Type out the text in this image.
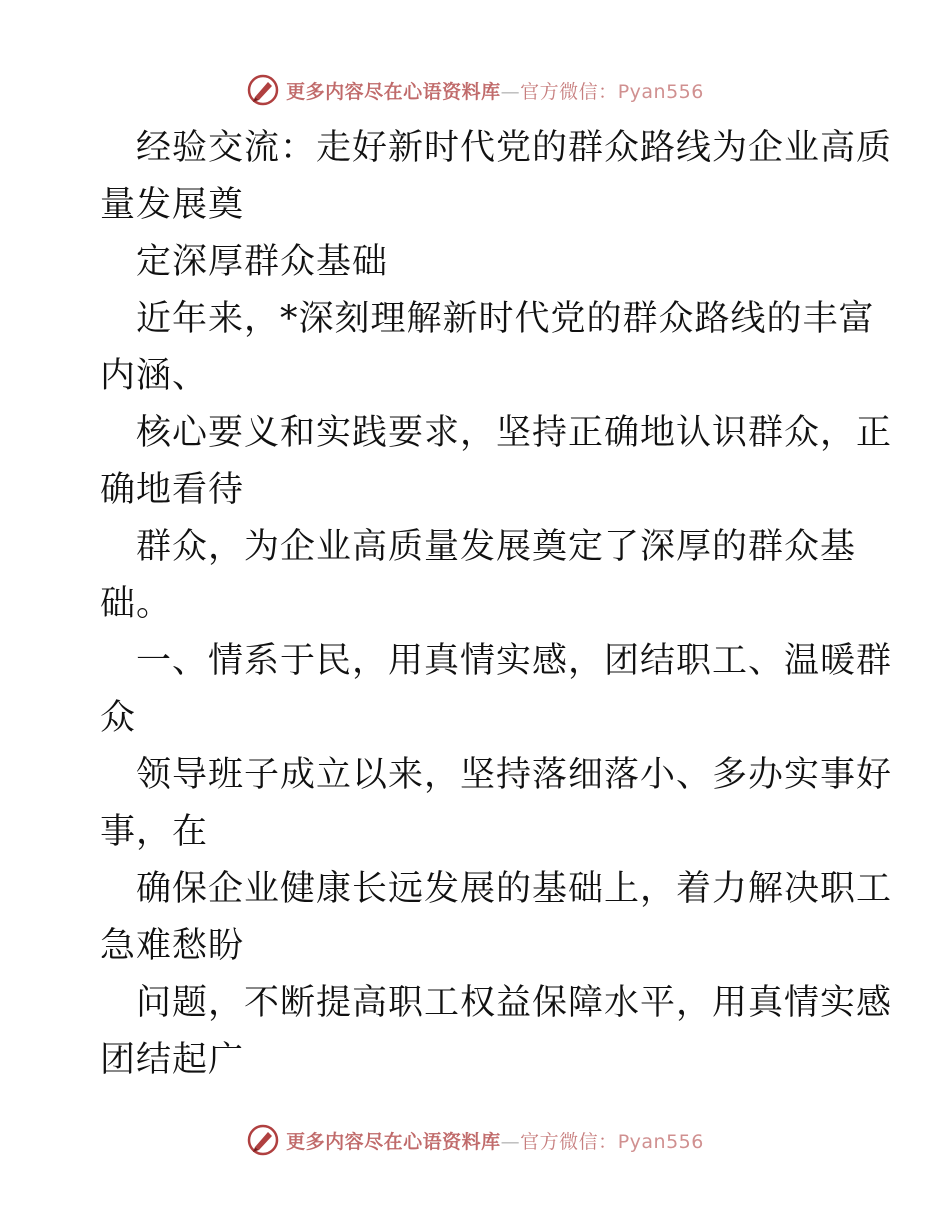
更多内容尽在心语资料库—官方微信：Pyan556
经验交流：走好新时代党的群众路线为企业高质
量发展奠
定深厚群众基础
近年来，*深刻理解新时代党的群众路线的丰富
内涵、
核心要义和实践要求，坚持正确地认识群众，正
确地看待
群众，为企业高质量发展奠定了深厚的群众基
础。
一、情系于民，用真情实感，团结职工、温暖群
众
领导班子成立以来，坚持落细落小、多办实事好
事，在
确保企业健康长远发展的基础上，着力解决职工
急难愁盼
问题，不断提高职工权益保障水平，用真情实感
团结起广
更多内容尽在心语资料库—官方微信：Pyan556
